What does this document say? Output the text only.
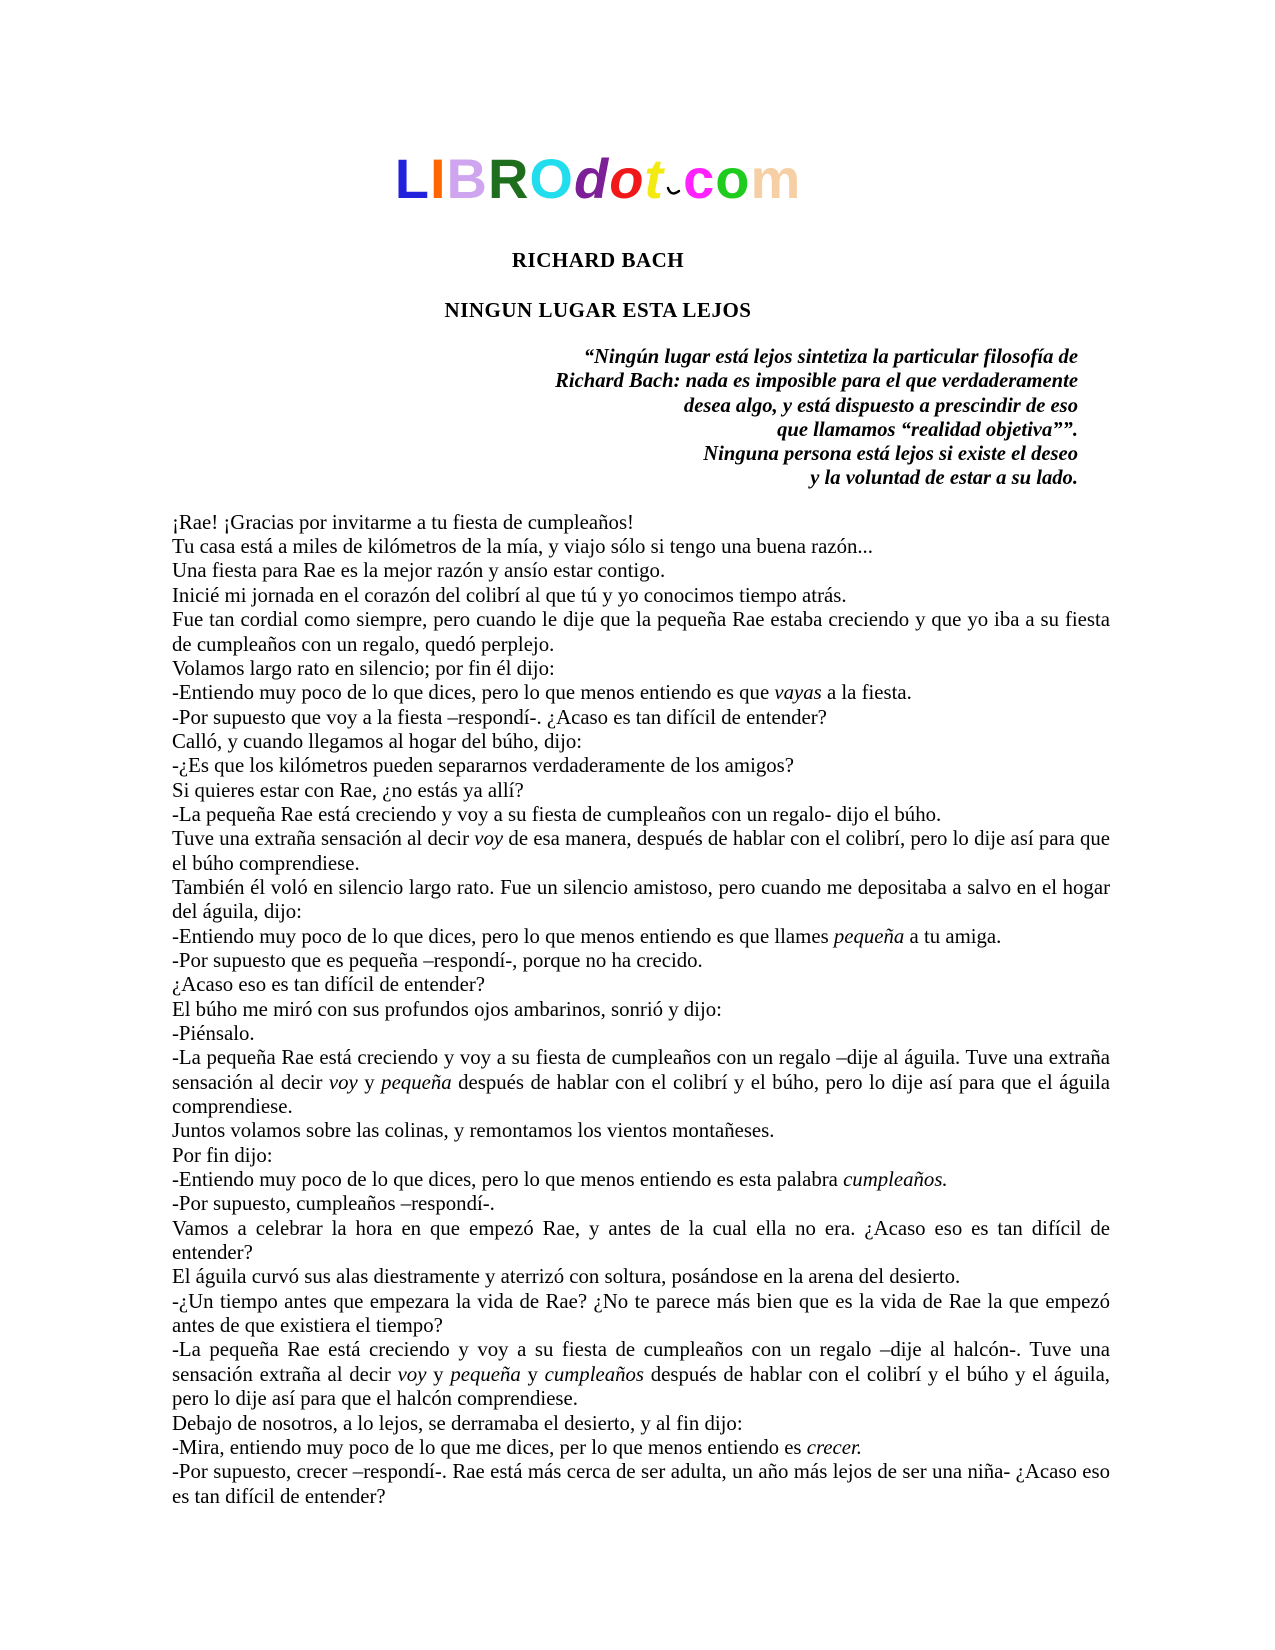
LIBROdot com
RICHARD BACH
NINGUN LUGAR ESTA LEJOS
“Ningún lugar está lejos sintetiza la particular filosofía de
Richard Bach: nada es imposible para el que verdaderamente
desea algo, y está dispuesto a prescindir de eso
que llamamos “realidad objetiva””.
Ninguna persona está lejos si existe el deseo
y la voluntad de estar a su lado.

¡Rae! ¡Gracias por invitarme a tu fiesta de cumpleaños!

Tu casa está a miles de kilómetros de la mía, y viajo sólo si tengo una buena razón...

Una fiesta para Rae es la mejor razón y ansío estar contigo.

Inicié mi jornada en el corazón del colibrí al que tú y yo conocimos tiempo atrás.

Fue tan cordial como siempre, pero cuando le dije que la pequeña Rae estaba creciendo y que yo iba a su fiesta de cumpleaños con un regalo, quedó perplejo.

Volamos largo rato en silencio; por fin él dijo:

-Entiendo muy poco de lo que dices, pero lo que menos entiendo es que vayas a la fiesta.

-Por supuesto que voy a la fiesta –respondí-. ¿Acaso es tan difícil de entender?

Calló, y cuando llegamos al hogar del búho, dijo:

-¿Es que los kilómetros pueden separarnos verdaderamente de los amigos?

Si quieres estar con Rae, ¿no estás ya allí?

-La pequeña Rae está creciendo y voy a su fiesta de cumpleaños con un regalo- dijo el búho.

Tuve una extraña sensación al decir voy de esa manera, después de hablar con el colibrí, pero lo dije así para que el búho comprendiese.

También él voló en silencio largo rato. Fue un silencio amistoso, pero cuando me depositaba a salvo en el hogar del águila, dijo:

-Entiendo muy poco de lo que dices, pero lo que menos entiendo es que llames pequeña a tu amiga.

-Por supuesto que es pequeña –respondí-, porque no ha crecido.

¿Acaso eso es tan difícil de entender?

El búho me miró con sus profundos ojos ambarinos, sonrió y dijo:

-Piénsalo.

-La pequeña Rae está creciendo y voy a su fiesta de cumpleaños con un regalo –dije al águila. Tuve una extraña sensación al decir voy y pequeña después de hablar con el colibrí y el búho, pero lo dije así para que el águila comprendiese.

Juntos volamos sobre las colinas, y remontamos los vientos montañeses.

Por fin dijo:

-Entiendo muy poco de lo que dices, pero lo que menos entiendo es esta palabra cumpleaños.

-Por supuesto, cumpleaños –respondí-.

Vamos a celebrar la hora en que empezó Rae, y antes de la cual ella no era. ¿Acaso eso es tan difícil de entender?

El águila curvó sus alas diestramente y aterrizó con soltura, posándose en la arena del desierto.

-¿Un tiempo antes que empezara la vida de Rae? ¿No te parece más bien que es la vida de Rae la que empezó antes de que existiera el tiempo?

-La pequeña Rae está creciendo y voy a su fiesta de cumpleaños con un regalo –dije al halcón-. Tuve una sensación extraña al decir voy y pequeña y cumpleaños después de hablar con el colibrí y el búho y el águila, pero lo dije así para que el halcón comprendiese.

Debajo de nosotros, a lo lejos, se derramaba el desierto, y al fin dijo:

-Mira, entiendo muy poco de lo que me dices, per lo que menos entiendo es crecer.

-Por supuesto, crecer –respondí-. Rae está más cerca de ser adulta, un año más lejos de ser una niña- ¿Acaso eso es tan difícil de entender?
